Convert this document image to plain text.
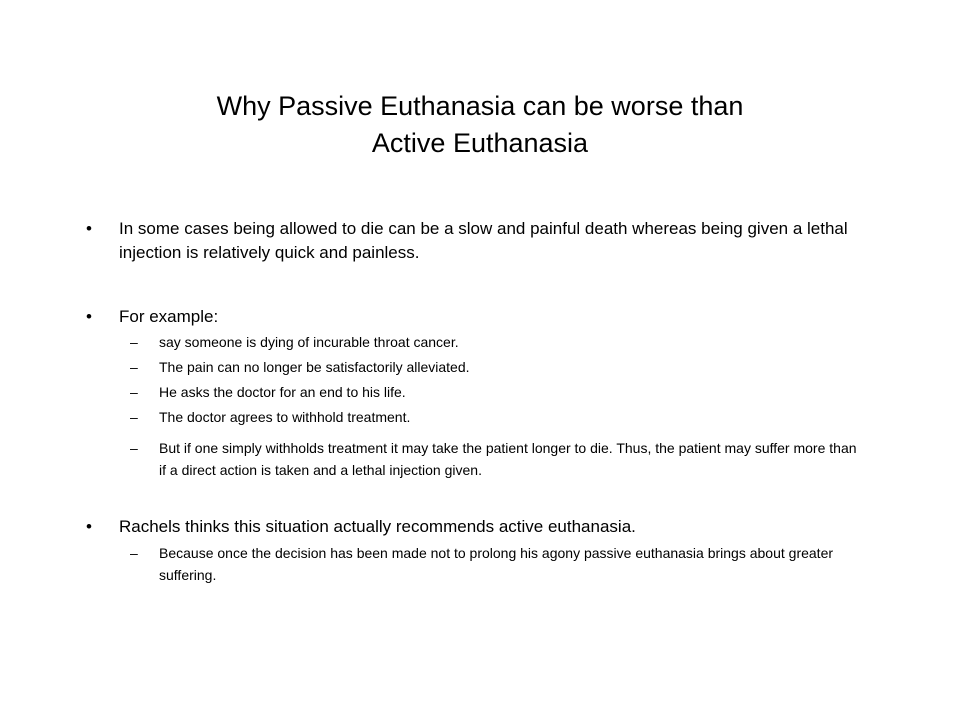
Why Passive Euthanasia can be worse than
Active Euthanasia
• In some cases being allowed to die can be a slow and painful death whereas being given a lethal injection is relatively quick and painless.
• For example:
– say someone is dying of incurable throat cancer.
– The pain can no longer be satisfactorily alleviated.
– He asks the doctor for an end to his life.
– The doctor agrees to withhold treatment.
– But if one simply withholds treatment it may take the patient longer to die. Thus, the patient may suffer more than if a direct action is taken and a lethal injection given.
• Rachels thinks this situation actually recommends active euthanasia.
– Because once the decision has been made not to prolong his agony passive euthanasia brings about greater suffering.
